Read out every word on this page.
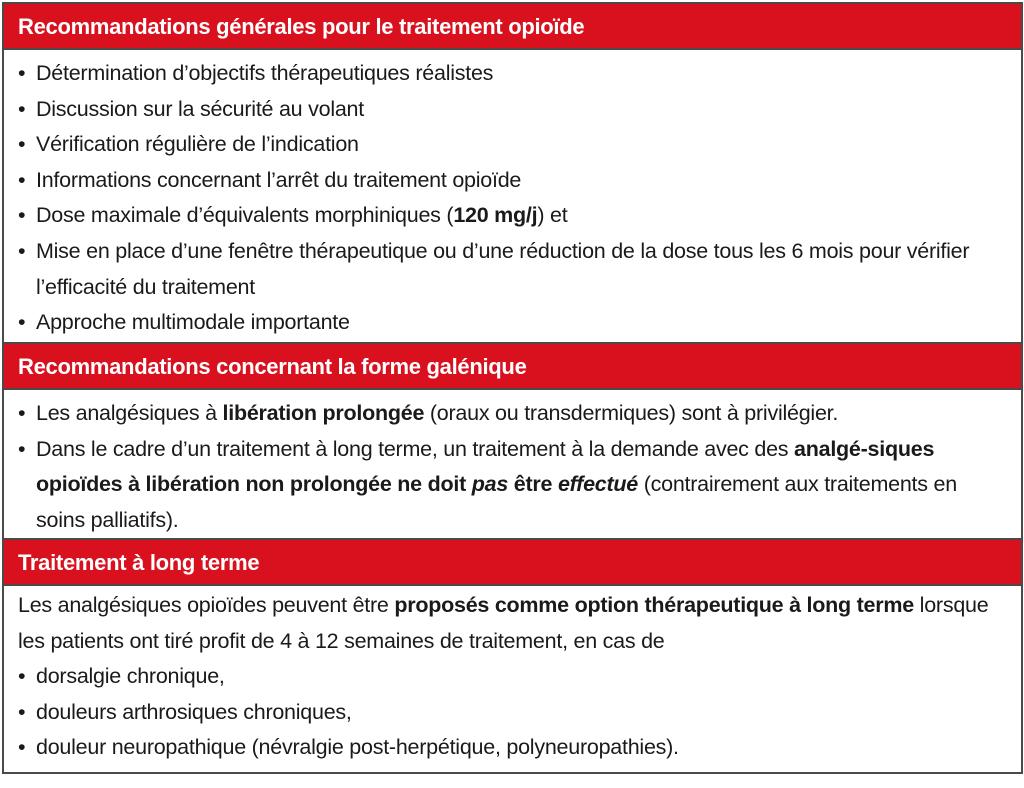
Recommandations générales pour le traitement opioïde
• Détermination d’objectifs thérapeutiques réalistes
• Discussion sur la sécurité au volant
• Vérification régulière de l’indication
• Informations concernant l’arrêt du traitement opioïde
• Dose maximale d’équivalents morphiniques (120 mg/j) et
• Mise en place d’une fenêtre thérapeutique ou d’une réduction de la dose tous les 6 mois pour vérifier l’efficacité du traitement
• Approche multimodale importante
Recommandations concernant la forme galénique
• Les analgésiques à libération prolongée (oraux ou transdermiques) sont à privilégier.
• Dans le cadre d’un traitement à long terme, un traitement à la demande avec des analgé-siques opioïdes à libération non prolongée ne doit pas être effectué (contrairement aux traitements en soins palliatifs).
Traitement à long terme
Les analgésiques opioïdes peuvent être proposés comme option thérapeutique à long terme lorsque les patients ont tiré profit de 4 à 12 semaines de traitement, en cas de
• dorsalgie chronique,
• douleurs arthrosiques chroniques,
• douleur neuropathique (névralgie post-herpétique, polyneuropathies).
